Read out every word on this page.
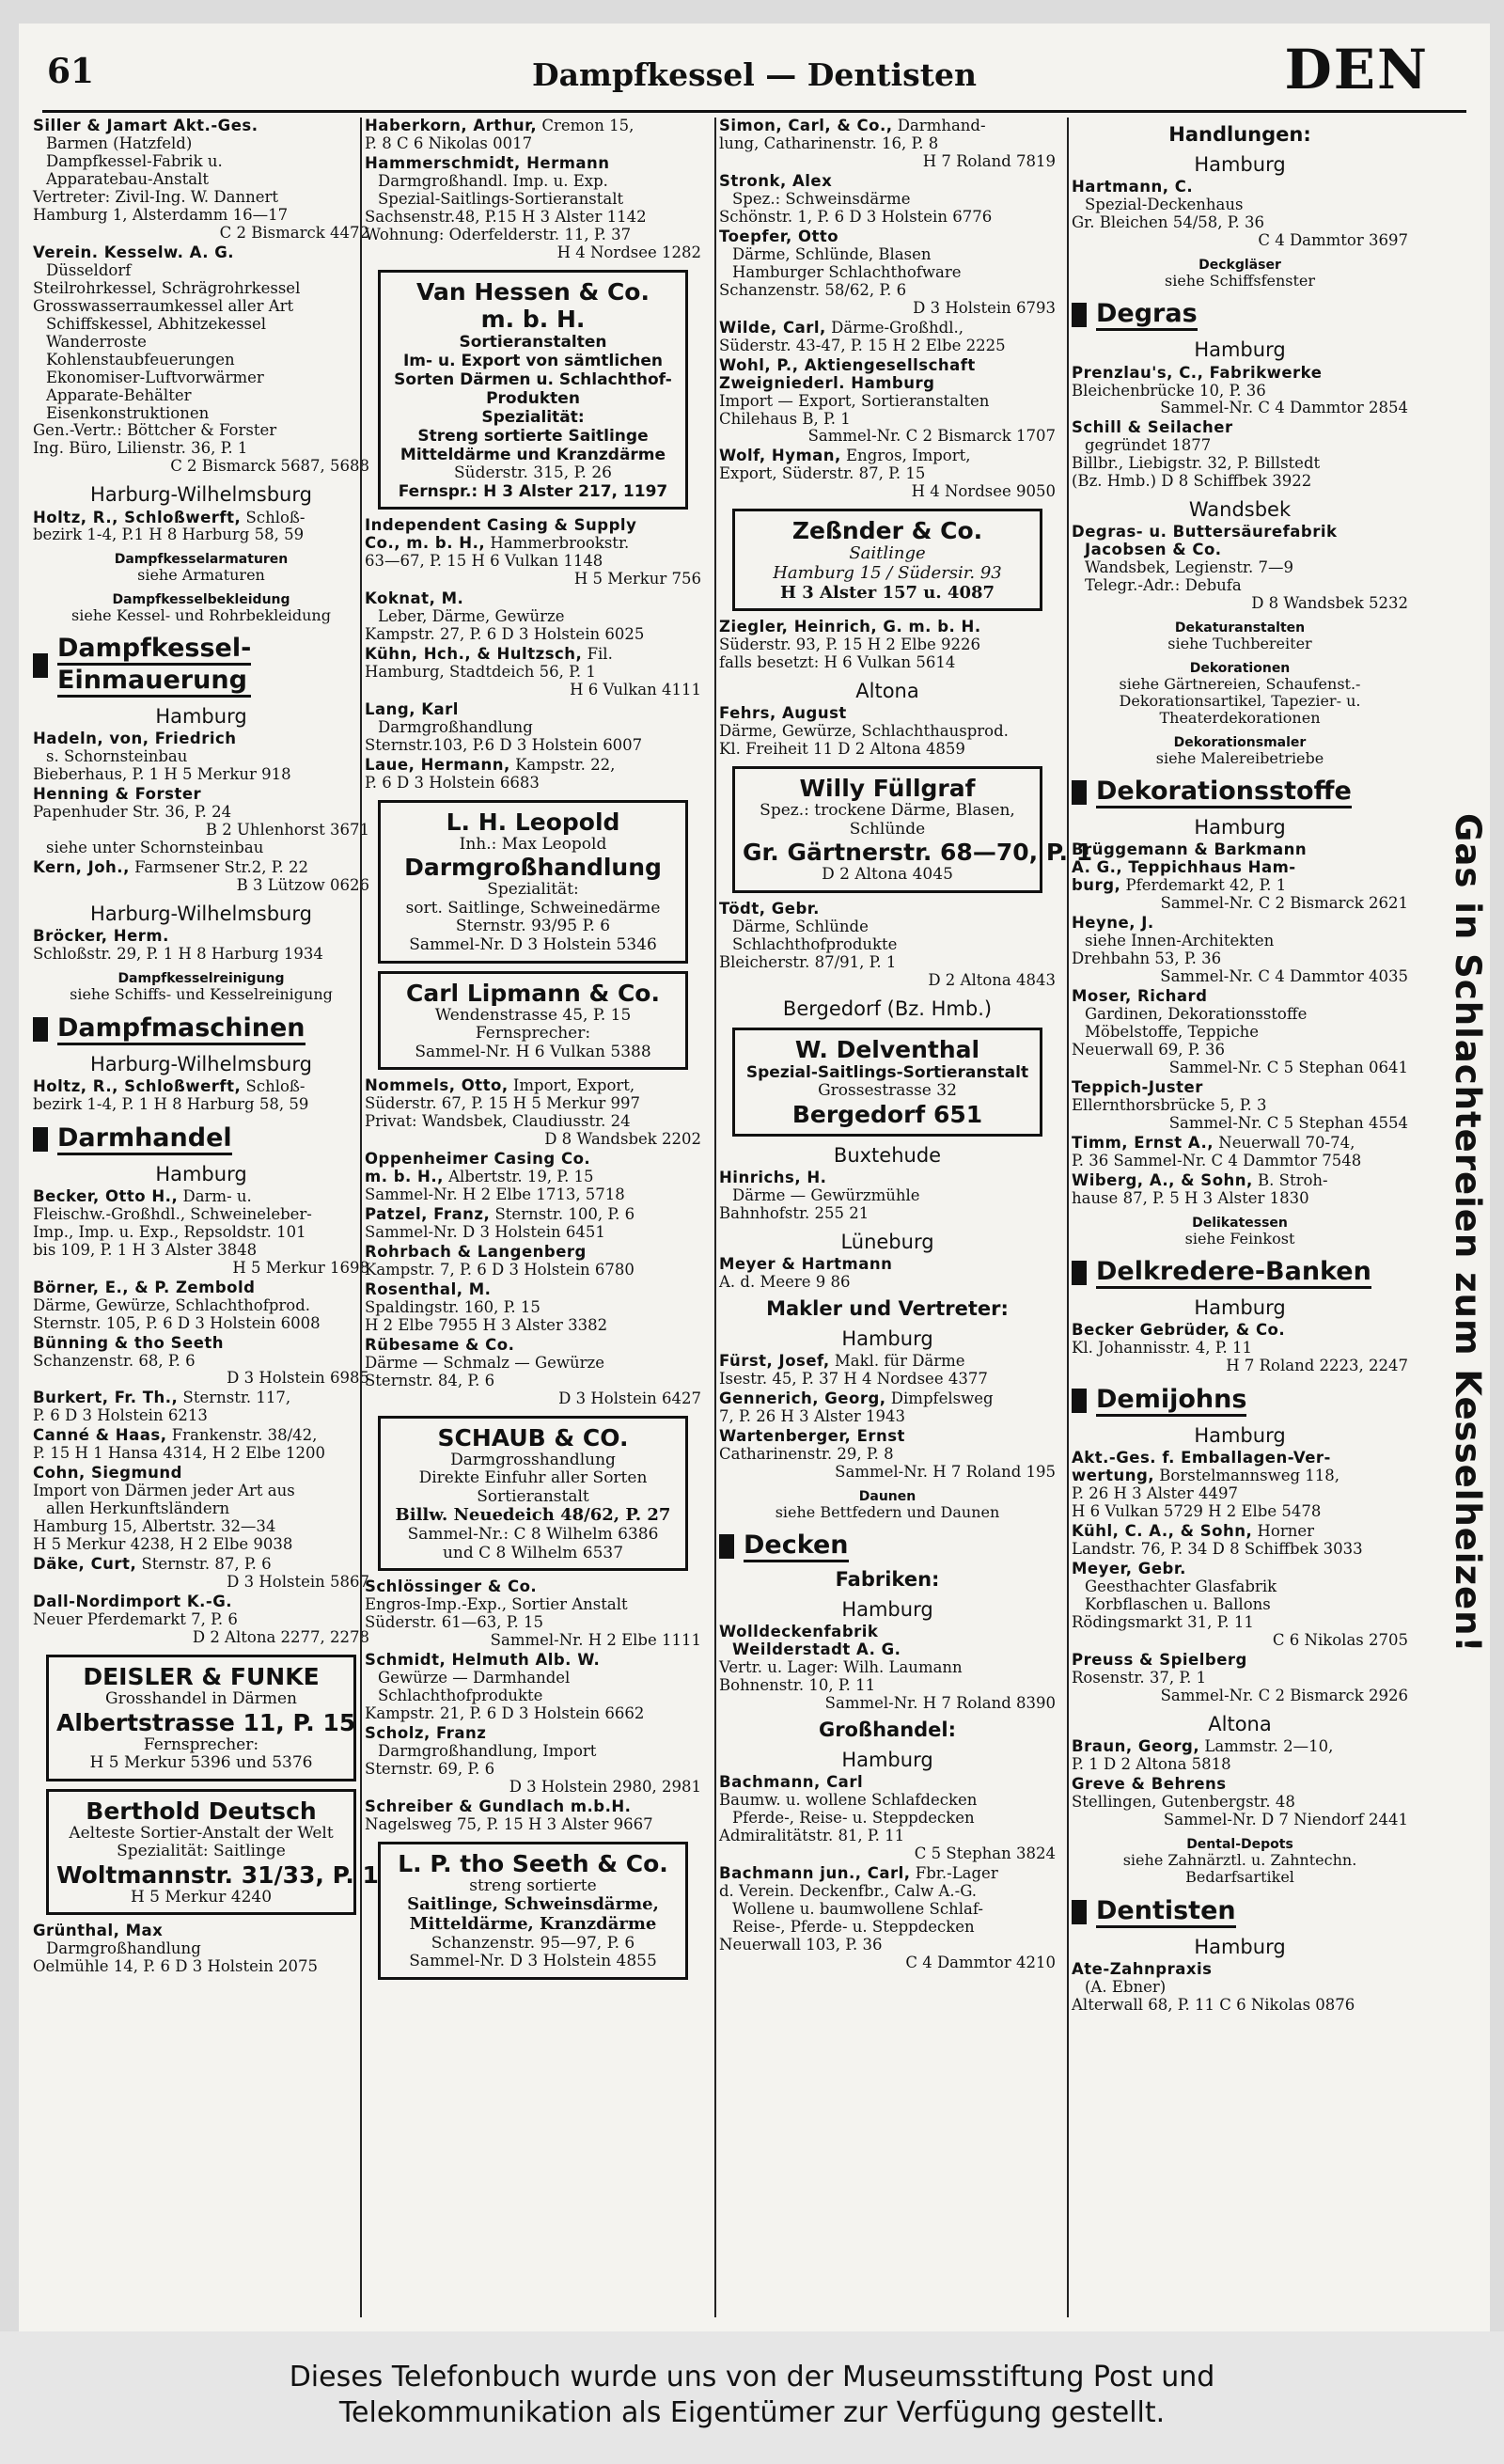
61	Dampfkessel — Dentisten	DEN
Siller & Jamart Akt.-Ges.
Barmen (Hatzfeld)
Dampfkessel-Fabrik u.
Apparatebau-Anstalt
Vertreter: Zivil-Ing. W. Dannert
Hamburg 1, Alsterdamm 16—17
C 2 Bismarck 4472
Verein. Kesselw. A. G.
Düsseldorf
Steilrohrkessel, Schrägrohrkessel
Grosswasserraumkessel aller Art
Schiffskessel, Abhitzekessel
Wanderroste
Kohlenstaubfeuerungen
Ekonomiser-Luftvorwärmer
Apparate-Behälter
Eisenkonstruktionen
Gen.-Vertr.: Böttcher & Forster
Ing. Büro, Lilienstr. 36, P. 1
C 2 Bismarck 5687, 5688
Harburg-Wilhelmsburg
Holtz, R., Schloßwerft, Schloß-
bezirk 1-4, P.1 H 8 Harburg 58, 59
Dampfkesselarmaturen
siehe Armaturen
Dampfkesselbekleidung
siehe Kessel- und Rohrbekleidung
Dampfkessel-
Einmauerung
Hamburg
Hadeln, von, Friedrich
s. Schornsteinbau
Bieberhaus, P. 1 H 5 Merkur 918
Henning & Forster
Papenhuder Str. 36, P. 24
B 2 Uhlenhorst 3671
siehe unter Schornsteinbau
Kern, Joh., Farmsener Str.2, P. 22
B 3 Lützow 0626
Harburg-Wilhelmsburg
Bröcker, Herm.
Schloßstr. 29, P. 1 H 8 Harburg 1934
Dampfkesselreinigung
siehe Schiffs- und Kesselreinigung
Dampfmaschinen
Harburg-Wilhelmsburg
Holtz, R., Schloßwerft, Schloß-
bezirk 1-4, P. 1 H 8 Harburg 58, 59
Darmhandel
Hamburg
Becker, Otto H., Darm- u.
Fleischw.-Großhdl., Schweineleber-
Imp., Imp. u. Exp., Repsoldstr. 101
bis 109, P. 1 H 3 Alster 3848
H 5 Merkur 1698
Börner, E., & P. Zembold
Därme, Gewürze, Schlachthofprod.
Sternstr. 105, P. 6 D 3 Holstein 6008
Bünning & tho Seeth
Schanzenstr. 68, P. 6
D 3 Holstein 6985
Burkert, Fr. Th., Sternstr. 117,
P. 6 D 3 Holstein 6213
Canné & Haas, Frankenstr. 38/42,
P. 15 H 1 Hansa 4314, H 2 Elbe 1200
Cohn, Siegmund
Import von Därmen jeder Art aus
allen Herkunftsländern
Hamburg 15, Albertstr. 32—34
H 5 Merkur 4238, H 2 Elbe 9038
Däke, Curt, Sternstr. 87, P. 6
D 3 Holstein 5867
Dall-Nordimport K.-G.
Neuer Pferdemarkt 7, P. 6
D 2 Altona 2277, 2278
DEISLER & FUNKE
Grosshandel in Därmen
Albertstrasse 11, P. 15
Fernsprecher:
H 5 Merkur 5396 und 5376
Berthold Deutsch
Aelteste Sortier-Anstalt der Welt
Spezialität: Saitlinge
Woltmannstr. 31/33, P. 1
H 5 Merkur 4240
Grünthal, Max
Darmgroßhandlung
Oelmühle 14, P. 6 D 3 Holstein 2075
Haberkorn, Arthur, Cremon 15,
P. 8 C 6 Nikolas 0017
Hammerschmidt, Hermann
Darmgroßhandl. Imp. u. Exp.
Spezial-Saitlings-Sortieranstalt
Sachsenstr.48, P.15 H 3 Alster 1142
Wohnung: Oderfelderstr. 11, P. 37
H 4 Nordsee 1282
Van Hessen & Co.
m. b. H.
Sortieranstalten
Im- u. Export von sämtlichen
Sorten Därmen u. Schlachthof-
Produkten
Spezialität:
Streng sortierte Saitlinge
Mitteldärme und Kranzdärme
Süderstr. 315, P. 26
Fernspr.: H 3 Alster 217, 1197
Independent Casing & Supply
Co., m. b. H., Hammerbrookstr.
63—67, P. 15 H 6 Vulkan 1148
H 5 Merkur 756
Koknat, M.
Leber, Därme, Gewürze
Kampstr. 27, P. 6 D 3 Holstein 6025
Kühn, Hch., & Hultzsch, Fil.
Hamburg, Stadtdeich 56, P. 1
H 6 Vulkan 4111
Lang, Karl
Darmgroßhandlung
Sternstr.103, P.6 D 3 Holstein 6007
Laue, Hermann, Kampstr. 22,
P. 6 D 3 Holstein 6683
L. H. Leopold
Inh.: Max Leopold
Darmgroßhandlung
Spezialität:
sort. Saitlinge, Schweinedärme
Sternstr. 93/95 P. 6
Sammel-Nr. D 3 Holstein 5346
Carl Lipmann & Co.
Wendenstrasse 45, P. 15
Fernsprecher:
Sammel-Nr. H 6 Vulkan 5388
Nommels, Otto, Import, Export,
Süderstr. 67, P. 15 H 5 Merkur 997
Privat: Wandsbek, Claudiusstr. 24
D 8 Wandsbek 2202
Oppenheimer Casing Co.
m. b. H., Albertstr. 19, P. 15
Sammel-Nr. H 2 Elbe 1713, 5718
Patzel, Franz, Sternstr. 100, P. 6
Sammel-Nr. D 3 Holstein 6451
Rohrbach & Langenberg
Kampstr. 7, P. 6 D 3 Holstein 6780
Rosenthal, M.
Spaldingstr. 160, P. 15
H 2 Elbe 7955 H 3 Alster 3382
Rübesame & Co.
Därme — Schmalz — Gewürze
Sternstr. 84, P. 6
D 3 Holstein 6427
SCHAUB & CO.
Darmgrosshandlung
Direkte Einfuhr aller Sorten
Sortieranstalt
Billw. Neuedeich 48/62, P. 27
Sammel-Nr.: C 8 Wilhelm 6386
und C 8 Wilhelm 6537
Schlössinger & Co.
Engros-Imp.-Exp., Sortier Anstalt
Süderstr. 61—63, P. 15
Sammel-Nr. H 2 Elbe 1111
Schmidt, Helmuth Alb. W.
Gewürze — Darmhandel
Schlachthofprodukte
Kampstr. 21, P. 6 D 3 Holstein 6662
Scholz, Franz
Darmgroßhandlung, Import
Sternstr. 69, P. 6
D 3 Holstein 2980, 2981
Schreiber & Gundlach m.b.H.
Nagelsweg 75, P. 15 H 3 Alster 9667
L. P. tho Seeth & Co.
streng sortierte
Saitlinge, Schweinsdärme,
Mitteldärme, Kranzdärme
Schanzenstr. 95—97, P. 6
Sammel-Nr. D 3 Holstein 4855
Simon, Carl, & Co., Darmhand-
lung, Catharinenstr. 16, P. 8
H 7 Roland 7819
Stronk, Alex
Spez.: Schweinsdärme
Schönstr. 1, P. 6 D 3 Holstein 6776
Toepfer, Otto
Därme, Schlünde, Blasen
Hamburger Schlachthofware
Schanzenstr. 58/62, P. 6
D 3 Holstein 6793
Wilde, Carl, Därme-Großhdl.,
Süderstr. 43-47, P. 15 H 2 Elbe 2225
Wohl, P., Aktiengesellschaft
Zweigniederl. Hamburg
Import — Export, Sortieranstalten
Chilehaus B, P. 1
Sammel-Nr. C 2 Bismarck 1707
Wolf, Hyman, Engros, Import,
Export, Süderstr. 87, P. 15
H 4 Nordsee 9050
Zeßnder & Co.
Saitlinge
Hamburg 15 / Südersir. 93
H 3 Alster 157 u. 4087
Ziegler, Heinrich, G. m. b. H.
Süderstr. 93, P. 15 H 2 Elbe 9226
falls besetzt: H 6 Vulkan 5614
Altona
Fehrs, August
Därme, Gewürze, Schlachthausprod.
Kl. Freiheit 11 D 2 Altona 4859
Willy Füllgraf
Spez.: trockene Därme, Blasen,
Schlünde
Gr. Gärtnerstr. 68—70, P. 1
D 2 Altona 4045
Tödt, Gebr.
Därme, Schlünde
Schlachthofprodukte
Bleicherstr. 87/91, P. 1
D 2 Altona 4843
Bergedorf (Bz. Hmb.)
W. Delventhal
Spezial-Saitlings-Sortieranstalt
Grossestrasse 32
Bergedorf 651
Buxtehude
Hinrichs, H.
Därme — Gewürzmühle
Bahnhofstr. 255 21
Lüneburg
Meyer & Hartmann
A. d. Meere 9 86
Makler und Vertreter:
Hamburg
Fürst, Josef, Makl. für Därme
Isestr. 45, P. 37 H 4 Nordsee 4377
Gennerich, Georg, Dimpfelsweg
7, P. 26 H 3 Alster 1943
Wartenberger, Ernst
Catharinenstr. 29, P. 8
Sammel-Nr. H 7 Roland 195
Daunen
siehe Bettfedern und Daunen
Decken
Fabriken:
Hamburg
Wolldeckenfabrik
Weilderstadt A. G.
Vertr. u. Lager: Wilh. Laumann
Bohnenstr. 10, P. 11
Sammel-Nr. H 7 Roland 8390
Großhandel:
Hamburg
Bachmann, Carl
Baumw. u. wollene Schlafdecken
Pferde-, Reise- u. Steppdecken
Admiralitätstr. 81, P. 11
C 5 Stephan 3824
Bachmann jun., Carl, Fbr.-Lager
d. Verein. Deckenfbr., Calw A.-G.
Wollene u. baumwollene Schlaf-
Reise-, Pferde- u. Steppdecken
Neuerwall 103, P. 36
C 4 Dammtor 4210
Handlungen:
Hamburg
Hartmann, C.
Spezial-Deckenhaus
Gr. Bleichen 54/58, P. 36
C 4 Dammtor 3697
Deckgläser
siehe Schiffsfenster
Degras
Hamburg
Prenzlau's, C., Fabrikwerke
Bleichenbrücke 10, P. 36
Sammel-Nr. C 4 Dammtor 2854
Schill & Seilacher
gegründet 1877
Billbr., Liebigstr. 32, P. Billstedt
(Bz. Hmb.) D 8 Schiffbek 3922
Wandsbek
Degras- u. Buttersäurefabrik
Jacobsen & Co.
Wandsbek, Legienstr. 7—9
Telegr.-Adr.: Debufa
D 8 Wandsbek 5232
Dekaturanstalten
siehe Tuchbereiter
Dekorationen
siehe Gärtnereien, Schaufenst.-Dekorationsartikel, Tapezier- u. Theaterdekorationen
Dekorationsmaler
siehe Malereibetriebe
Dekorationsstoffe
Hamburg
Brüggemann & Barkmann
A. G., Teppichhaus Ham-
burg, Pferdemarkt 42, P. 1
Sammel-Nr. C 2 Bismarck 2621
Heyne, J.
siehe Innen-Architekten
Drehbahn 53, P. 36
Sammel-Nr. C 4 Dammtor 4035
Moser, Richard
Gardinen, Dekorationsstoffe
Möbelstoffe, Teppiche
Neuerwall 69, P. 36
Sammel-Nr. C 5 Stephan 0641
Teppich-Juster
Ellernthorsbrücke 5, P. 3
Sammel-Nr. C 5 Stephan 4554
Timm, Ernst A., Neuerwall 70-74,
P. 36 Sammel-Nr. C 4 Dammtor 7548
Wiberg, A., & Sohn, B. Stroh-
hause 87, P. 5 H 3 Alster 1830
Delikatessen
siehe Feinkost
Delkredere-Banken
Hamburg
Becker Gebrüder, & Co.
Kl. Johannisstr. 4, P. 11
H 7 Roland 2223, 2247
Demijohns
Hamburg
Akt.-Ges. f. Emballagen-Ver-
wertung, Borstelmannsweg 118,
P. 26 H 3 Alster 4497
H 6 Vulkan 5729 H 2 Elbe 5478
Kühl, C. A., & Sohn, Horner
Landstr. 76, P. 34 D 8 Schiffbek 3033
Meyer, Gebr.
Geesthachter Glasfabrik
Korbflaschen u. Ballons
Rödingsmarkt 31, P. 11
C 6 Nikolas 2705
Preuss & Spielberg
Rosenstr. 37, P. 1
Sammel-Nr. C 2 Bismarck 2926
Altona
Braun, Georg, Lammstr. 2—10,
P. 1 D 2 Altona 5818
Greve & Behrens
Stellingen, Gutenbergstr. 48
Sammel-Nr. D 7 Niendorf 2441
Dental-Depots
siehe Zahnärztl. u. Zahntechn. Bedarfsartikel
Dentisten
Hamburg
Ate-Zahnpraxis
(A. Ebner)
Alterwall 68, P. 11 C 6 Nikolas 0876
Gas in Schlachtereien zum Kesselheizen!
Dieses Telefonbuch wurde uns von der Museumsstiftung Post und
Telekommunikation als Eigentümer zur Verfügung gestellt.
